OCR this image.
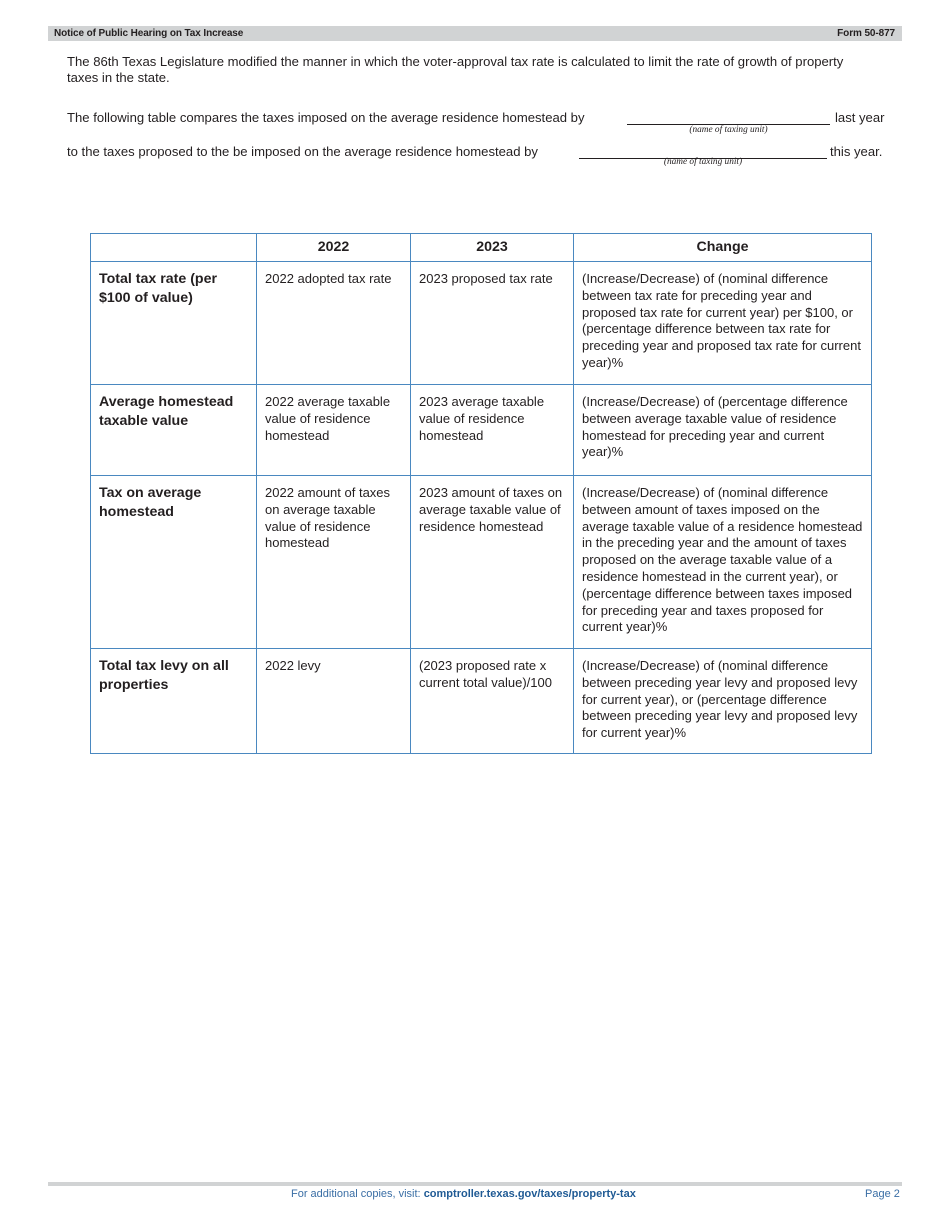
Notice of Public Hearing on Tax Increase	Form 50-877

The 86th Texas Legislature modified the manner in which the voter-approval tax rate is calculated to limit the rate of growth of property taxes in the state.

The following table compares the taxes imposed on the average residence homestead by
(name of taxing unit)
last year
to the taxes proposed to the be imposed on the average residence homestead by
(name of taxing unit)
this year.
	2022	2023	Change
Total tax rate (per $100 of value)	2022 adopted tax rate	2023 proposed tax rate	(Increase/Decrease) of (nominal difference between tax rate for preceding year and proposed tax rate for current year) per $100, or (percentage difference between tax rate for preceding year and proposed tax rate for current year)%
Average homestead taxable value	2022 average taxable value of residence homestead	2023 average taxable value of residence homestead	(Increase/Decrease) of (percentage difference between average taxable value of residence homestead for preceding year and current year)%
Tax on average homestead	2022 amount of taxes on average taxable value of residence homestead	2023 amount of taxes on average taxable value of residence homestead	(Increase/Decrease) of (nominal difference between amount of taxes imposed on the average taxable value of a residence homestead in the preceding year and the amount of taxes proposed on the average taxable value of a residence homestead in the current year), or (percentage difference between taxes imposed for preceding year and taxes proposed for current year)%
Total tax levy on all properties	2022 levy	(2023 proposed rate x current total value)/100	(Increase/Decrease) of (nominal difference between preceding year levy and proposed levy for current year), or (percentage difference between preceding year levy and proposed levy for current year)%
For additional copies, visit: comptroller.texas.gov/taxes/property-tax	Page 2
